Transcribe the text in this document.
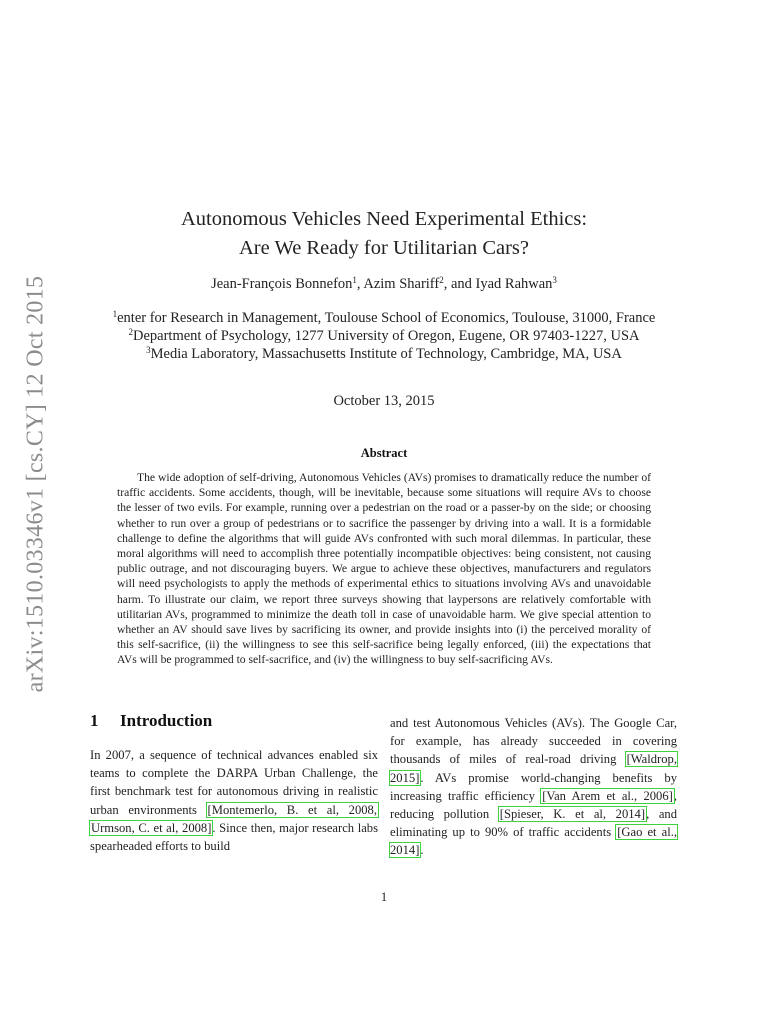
arXiv:1510.03346v1 [cs.CY] 12 Oct 2015
Autonomous Vehicles Need Experimental Ethics:
Are We Ready for Utilitarian Cars?
Jean-François Bonnefon$^1$, Azim Shariff$^2$, and Iyad Rahwan$^3$
$^1$enter for Research in Management, Toulouse School of Economics, Toulouse, 31000, France
$^2$Department of Psychology, 1277 University of Oregon, Eugene, OR 97403-1227, USA
$^3$Media Laboratory, Massachusetts Institute of Technology, Cambridge, MA, USA
October 13, 2015
Abstract

The wide adoption of self-driving, Autonomous Vehicles (AVs) promises to dramatically reduce the number of traffic accidents. Some accidents, though, will be inevitable, because some situations will require AVs to choose the lesser of two evils. For example, running over a pedestrian on the road or a passer-by on the side; or choosing whether to run over a group of pedestrians or to sacrifice the passenger by driving into a wall. It is a formidable challenge to define the algorithms that will guide AVs confronted with such moral dilemmas. In particular, these moral algorithms will need to accomplish three potentially incompatible objectives: being consistent, not causing public outrage, and not discouraging buyers. We argue to achieve these objectives, manufacturers and regulators will need psychologists to apply the methods of experimental ethics to situations involving AVs and unavoidable harm. To illustrate our claim, we report three surveys showing that laypersons are relatively comfortable with utilitarian AVs, programmed to minimize the death toll in case of unavoidable harm. We give special attention to whether an AV should save lives by sacrificing its owner, and provide insights into (i) the perceived morality of this self-sacrifice, (ii) the willingness to see this self-sacrifice being legally enforced, (iii) the expectations that AVs will be programmed to self-sacrifice, and (iv) the willingness to buy self-sacrificing AVs.

1 Introduction

In 2007, a sequence of technical advances enabled six teams to complete the DARPA Urban Challenge, the first benchmark test for autonomous driving in realistic urban environments [Montemerlo, B. et al, 2008, Urmson, C. et al, 2008]. Since then, major research labs spearheaded efforts to build

and test Autonomous Vehicles (AVs). The Google Car, for example, has already succeeded in covering thousands of miles of real-road driving [Waldrop, 2015]. AVs promise world-changing benefits by increasing traffic efficiency [Van Arem et al., 2006], reducing pollution [Spieser, K. et al, 2014], and eliminating up to 90% of traffic accidents [Gao et al., 2014].

1
